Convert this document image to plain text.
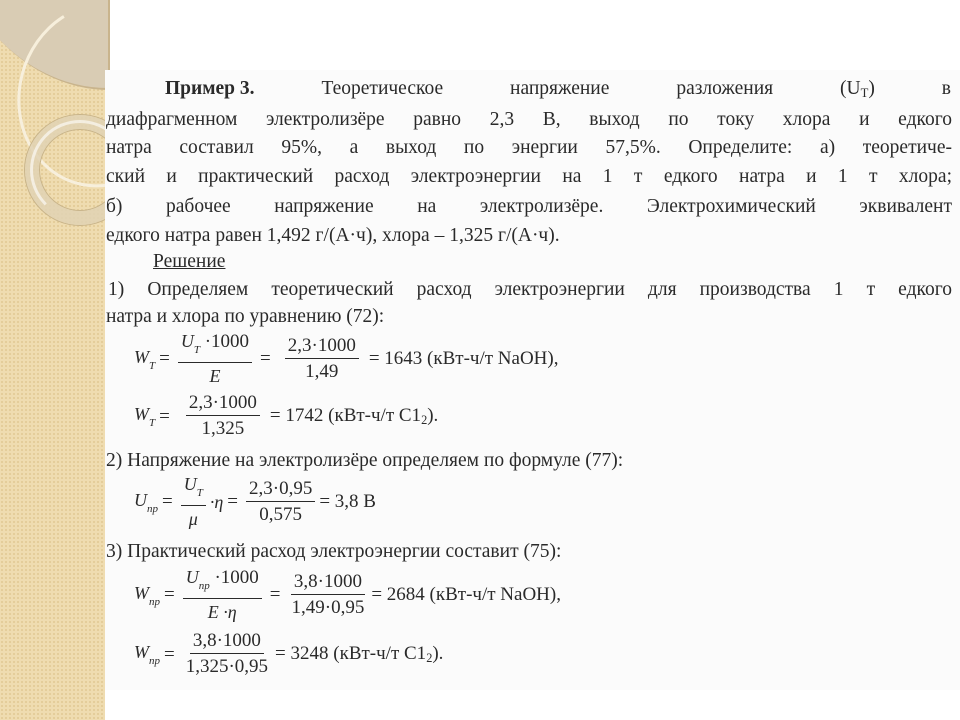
Пример 3.	Теоретическое	напряжение	разложения	$(U_T)$	в
диафрагменном электролизёре равно 2,3 В, выход по току хлора и едкого
натра составил 95%, а выход по энергии 57,5%. Определите: а) теоретиче-
ский и практический расход электроэнергии на 1 т едкого натра и 1 т хлора;
б) рабочее напряжение на электролизёре. Электрохимический эквивалент
едкого натра равен 1,492 г/(А·ч), хлора – 1,325 г/(А·ч).
Решение
1) Определяем теоретический расход электроэнергии для производства 1 т едкого
натра и хлора по уравнению (72):
$W_T = \frac{U_T \cdot 1000}{E} = \frac{2,3\cdot 1000}{1,49} = 1643$ (кВт-ч/т NaOH),
$W_T = \frac{2,3\cdot 1000}{1,325} = 1742$ (кВт-ч/т $С1_2$).
2) Напряжение на электролизёре определяем по формуле (77):
$U_{пр} = \frac{U_T}{\mu} \cdot\eta = \frac{2,3\cdot 0,95}{0,575} = 3,8$ В
3) Практический расход электроэнергии составит (75):
$W_{пр} = \frac{U_{пр} \cdot 1000}{E \cdot\eta} = \frac{3,8\cdot 1000}{1,49\cdot 0,95} = 2684$ (кВт-ч/т NaOH),
$W_{пр} = \frac{3,8\cdot 1000}{1,325\cdot 0,95} = 3248$ (кВт-ч/т $С1_2$).
